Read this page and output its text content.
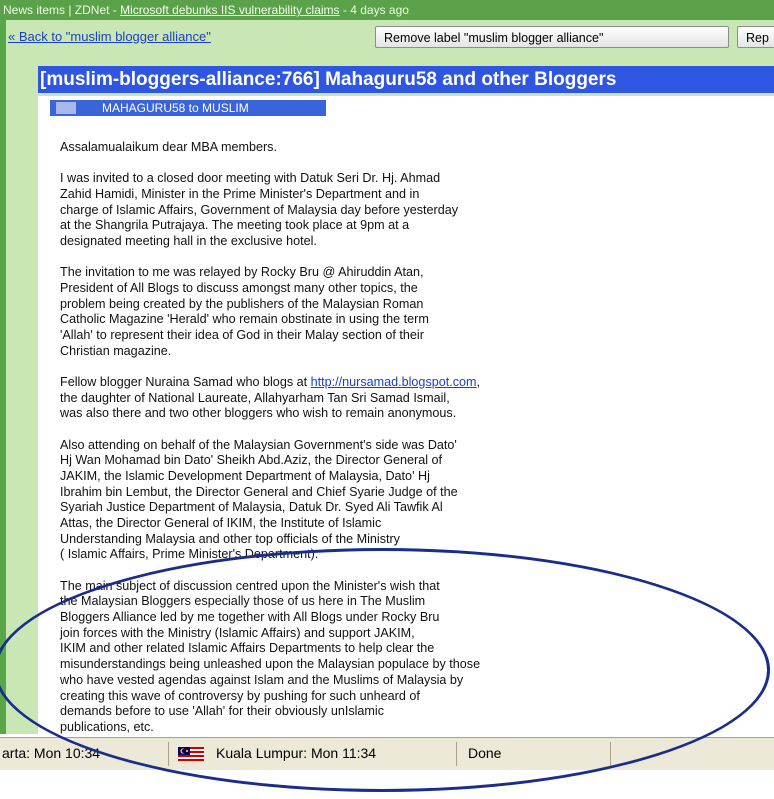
News items | ZDNet - Microsoft debunks IIS vulnerability claims - 4 days ago
« Back to "muslim blogger alliance"	Remove label "muslim blogger alliance"	Rep
[muslim-bloggers-alliance:766] Mahaguru58 and other Bloggers
MAHAGURU58 to MUSLIM

Assalamualaikum dear MBA members.

I was invited to a closed door meeting with Datuk Seri Dr. Hj. Ahmad
Zahid Hamidi, Minister in the Prime Minister's Department and in
charge of Islamic Affairs, Government of Malaysia day before yesterday
at the Shangrila Putrajaya. The meeting took place at 9pm at a
designated meeting hall in the exclusive hotel.

The invitation to me was relayed by Rocky Bru @ Ahiruddin Atan,
President of All Blogs to discuss amongst many other topics, the
problem being created by the publishers of the Malaysian Roman
Catholic Magazine 'Herald' who remain obstinate in using the term
'Allah' to represent their idea of God in their Malay section of their
Christian magazine.

Fellow blogger Nuraina Samad who blogs at http://nursamad.blogspot.com,
the daughter of National Laureate, Allahyarham Tan Sri Samad Ismail,
was also there and two other bloggers who wish to remain anonymous.

Also attending on behalf of the Malaysian Government's side was Dato'
Hj Wan Mohamad bin Dato' Sheikh Abd.Aziz, the Director General of
JAKIM, the Islamic Development Department of Malaysia, Dato' Hj
Ibrahim bin Lembut, the Director General and Chief Syarie Judge of the
Syariah Justice Department of Malaysia, Datuk Dr. Syed Ali Tawfik Al
Attas, the Director General of IKIM, the Institute of Islamic
Understanding Malaysia and other top officials of the Ministry
( Islamic Affairs, Prime Minister's Department).

The main subject of discussion centred upon the Minister's wish that
the Malaysian Bloggers especially those of us here in The Muslim
Bloggers Alliance led by me together with All Blogs under Rocky Bru
join forces with the Ministry (Islamic Affairs) and support JAKIM,
IKIM and other related Islamic Affairs Departments to help clear the
misunderstandings being unleashed upon the Malaysian populace by those
who have vested agendas against Islam and the Muslims of Malaysia by
creating this wave of controversy by pushing for such unheard of
demands before to use 'Allah' for their obviously unIslamic
publications, etc.

arta: Mon 10:34	Kuala Lumpur: Mon 11:34	Done
